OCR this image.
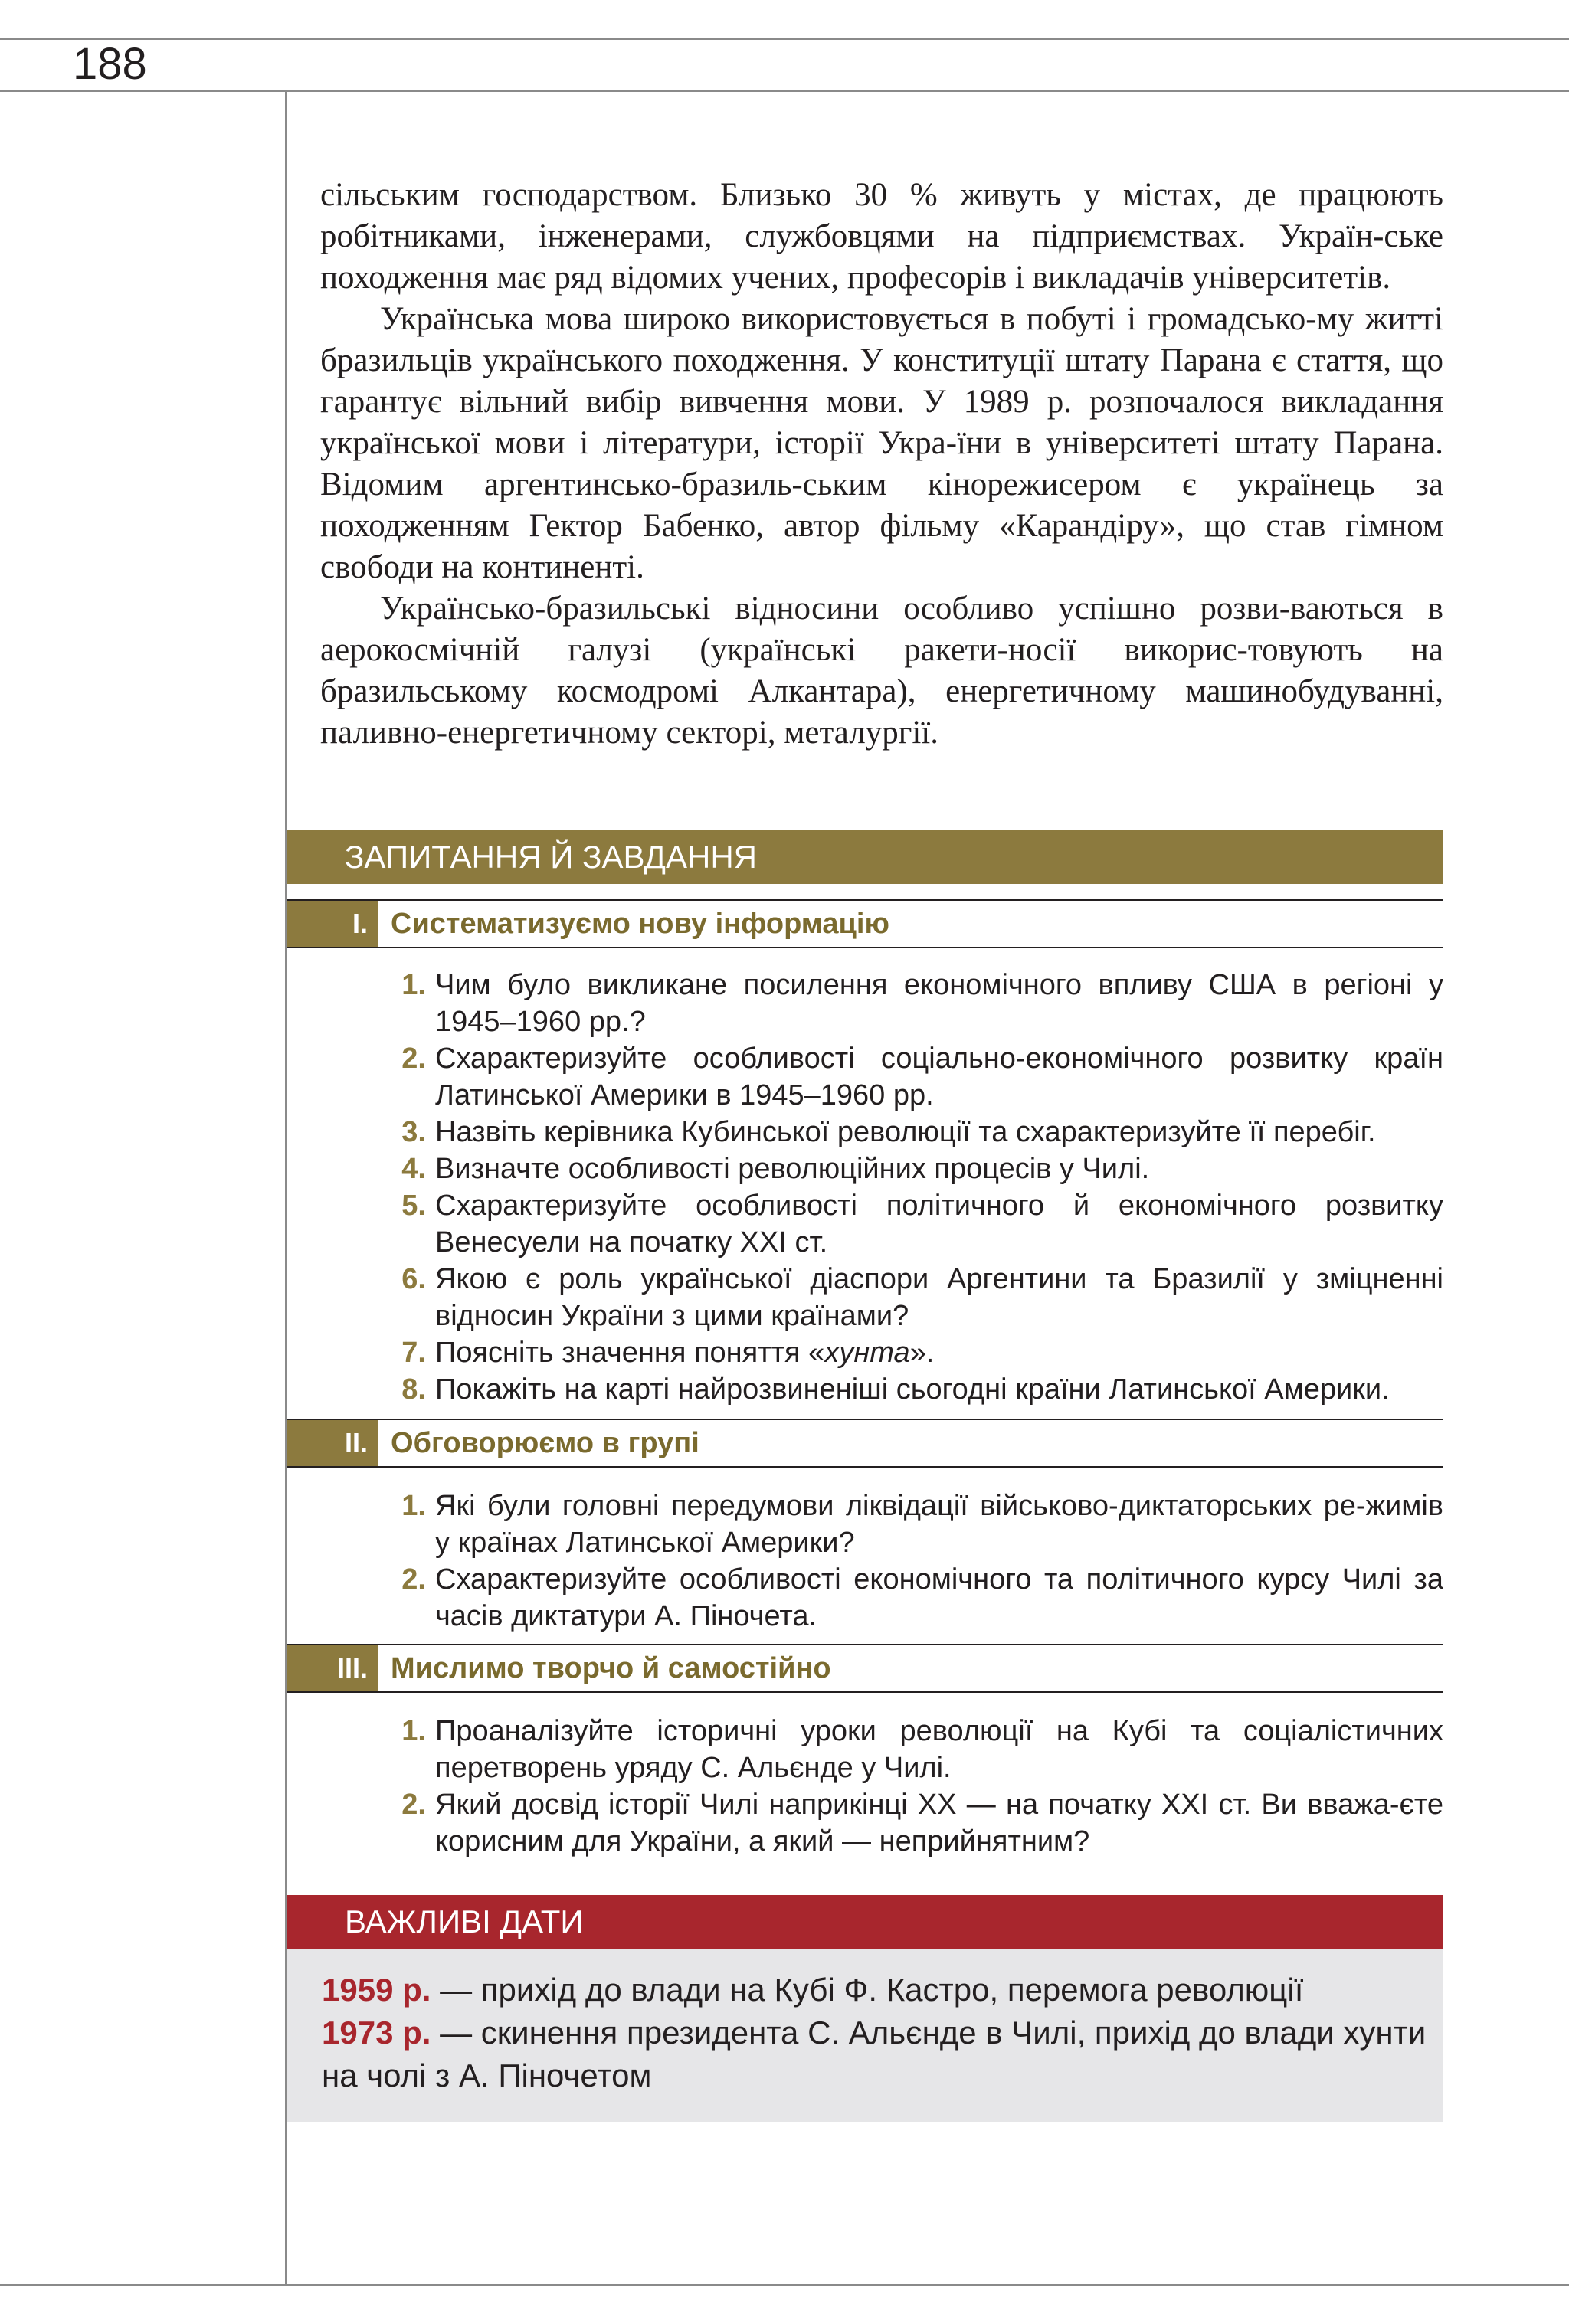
188

сільським господарством. Близько 30 % живуть у містах, де працюють робітниками, інженерами, службовцями на підприємствах. Україн-ське походження має ряд відомих учених, професорів і викладачів університетів.

Українська мова широко використовується в побуті і громадсько-му житті бразильців українського походження. У конституції штату Парана є стаття, що гарантує вільний вибір вивчення мови. У 1989 р. розпочалося викладання української мови і літератури, історії Укра-їни в університеті штату Парана. Відомим аргентинсько-бразиль-ським кінорежисером є українець за походженням Гектор Бабенко, автор фільму «Карандіру», що став гімном свободи на континенті.

Українсько-бразильські відносини особливо успішно розви-ваються в аерокосмічній галузі (українські ракети-носії викорис-товують на бразильському космодромі Алкантара), енергетичному машинобудуванні, паливно-енергетичному секторі, металургії.

ЗАПИТАННЯ Й ЗАВДАННЯ
I. Систематизуємо нову інформацію
1. Чим було викликане посилення економічного впливу США в регіоні у 1945–1960 рр.?
2. Схарактеризуйте особливості соціально-економічного розвитку країн Латинської Америки в 1945–1960 рр.
3. Назвіть керівника Кубинської революції та схарактеризуйте її перебіг.
4. Визначте особливості революційних процесів у Чилі.
5. Схарактеризуйте особливості політичного й економічного розвитку Венесуели на початку ХХІ ст.
6. Якою є роль української діаспори Аргентини та Бразилії у зміцненні відносин України з цими країнами?
7. Поясніть значення поняття «хунта».
8. Покажіть на карті найрозвиненіші сьогодні країни Латинської Америки.
II. Обговорюємо в групі
1. Які були головні передумови ліквідації військово-диктаторських ре-жимів у країнах Латинської Америки?
2. Схарактеризуйте особливості економічного та політичного курсу Чилі за часів диктатури А. Піночета.
III. Мислимо творчо й самостійно
1. Проаналізуйте історичні уроки революції на Кубі та соціалістичних перетворень уряду С. Альєнде у Чилі.
2. Який досвід історії Чилі наприкінці ХХ — на початку ХХІ ст. Ви вважа-єте корисним для України, а який — неприйнятним?
ВАЖЛИВІ ДАТИ
1959 р. — прихід до влади на Кубі Ф. Кастро, перемога революції
1973 р. — скинення президента С. Альєнде в Чилі, прихід до влади хунти на чолі з А. Піночетом
